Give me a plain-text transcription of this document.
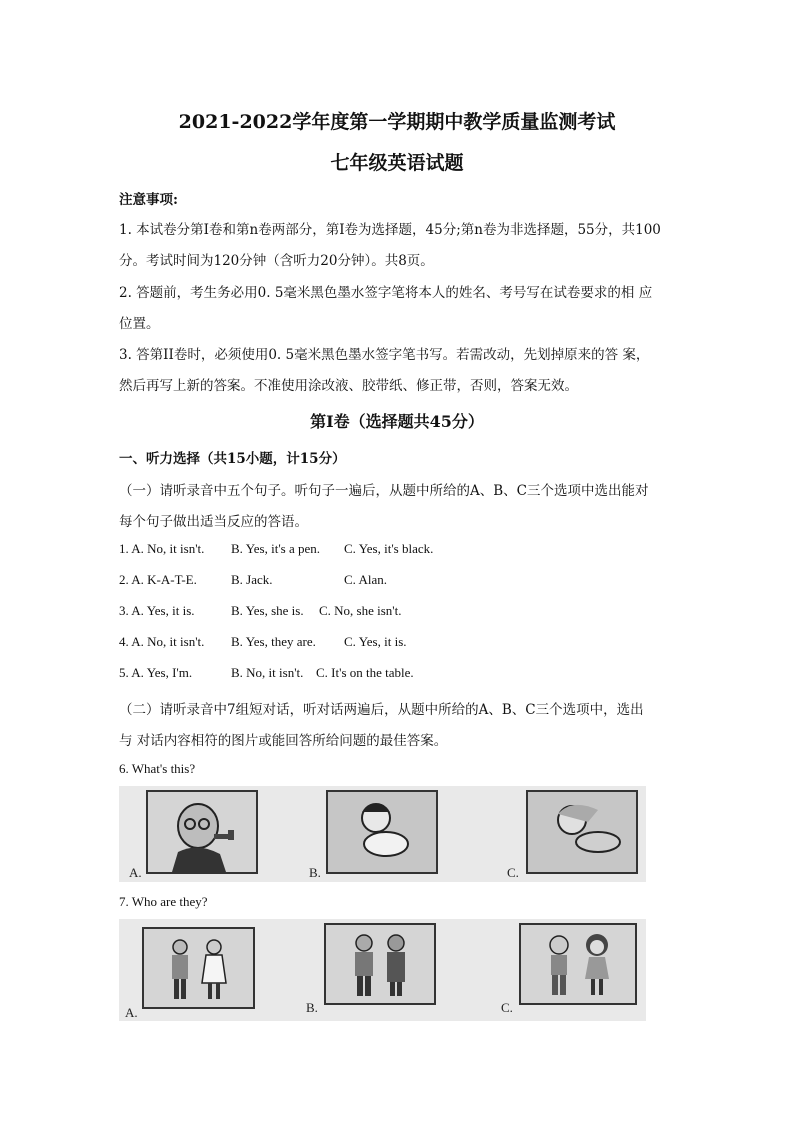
2021-2022学年度第一学期期中教学质量监测考试
七年级英语试题
注意事项:
1. 本试卷分第Ⅰ卷和第n卷两部分，第Ⅰ卷为选择题，45分;第n卷为非选择题，55分，共100
分。考试时间为120分钟（含听力20分钟）。共8页。
2. 答题前，考生务必用0. 5毫米黑色墨水签字笔将本人的姓名、考号写在试卷要求的相 应
位置。
3. 答第II卷时，必须使用0. 5毫米黑色墨水签字笔书写。若需改动，先划掉原来的答 案，
然后再写上新的答案。不准使用涂改液、胶带纸、修正带，否则，答案无效。
第I卷（选择题共45分）
一、听力选择（共15小题，计15分）
（一）请听录音中五个句子。听句子一遍后，从题中所给的A、B、C三个选项中选出能对
每个句子做出适当反应的答语。
1. A. No, it isn't. B. Yes, it's a pen. C. Yes, it's black.
2. A. K-A-T-E.	B. Jack.	C. Alan.
3. A. Yes, it is.	B. Yes, she is. C. No, she isn't.
4. A. No, it isn't. B. Yes, they are. C. Yes, it is.
5. A. Yes, I'm.	B. No, it isn't. C. It's on the table.
（二）请听录音中7组短对话，听对话两遍后，从题中所给的A、B、C三个选项中，选出
与 对话内容相符的图片或能回答所给问题的最佳答案。
6. What's this?
A.	B.	C.
7. Who are they?
A.	B.	C.
